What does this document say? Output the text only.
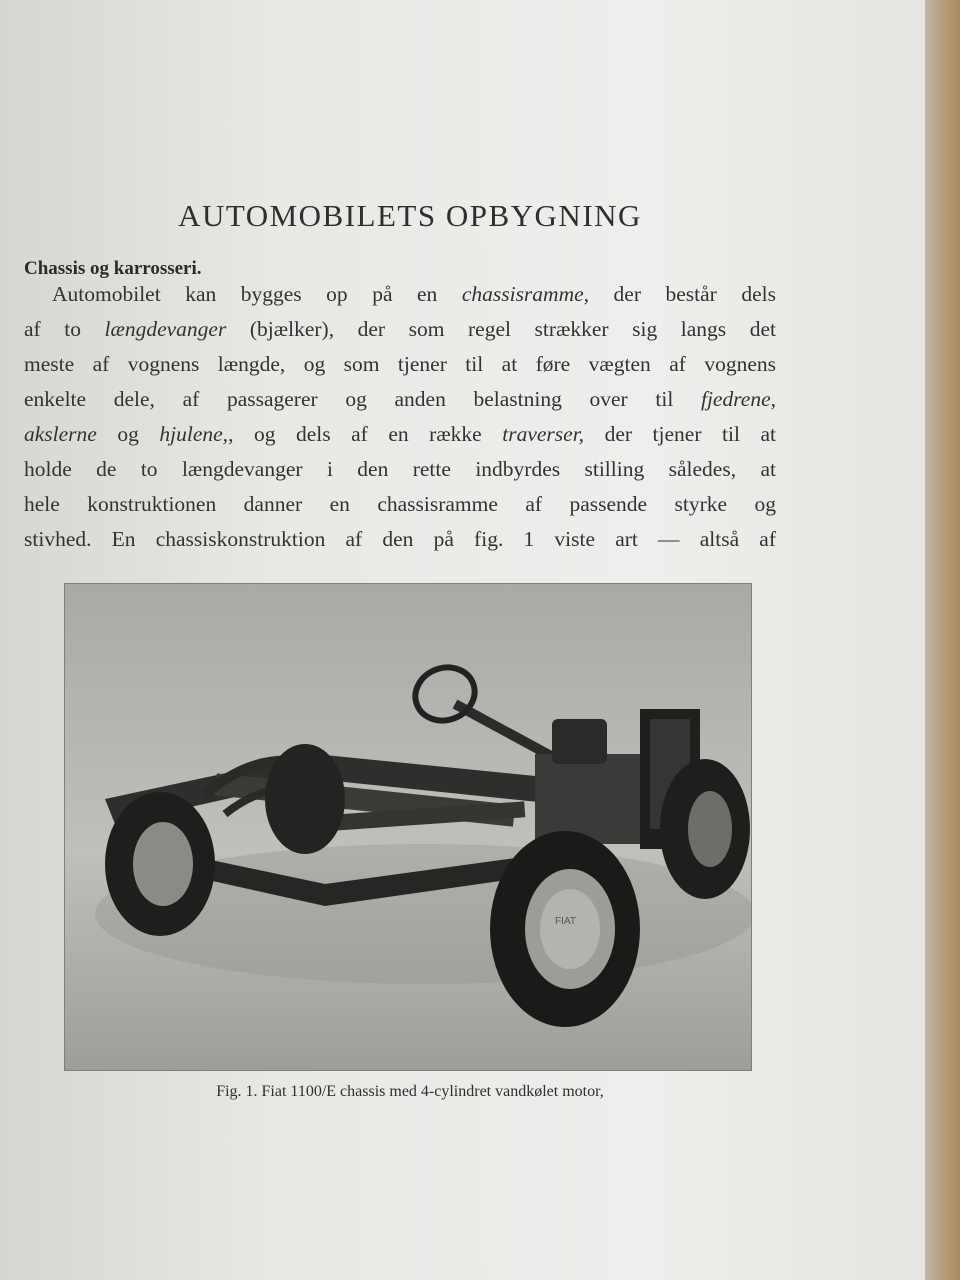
AUTOMOBILETS OPBYGNING
Chassis og karrosseri.
Automobilet kan bygges op på en chassisramme, der består dels
af to længdevanger (bjælker), der som regel strækker sig langs det
meste af vognens længde, og som tjener til at føre vægten af vognens
enkelte dele, af passagerer og anden belastning over til fjedrene,
akslerne og hjulene,, og dels af en række traverser, der tjener til at
holde de to længdevanger i den rette indbyrdes stilling således, at
hele konstruktionen danner en chassisramme af passende styrke og
stivhed. En chassiskonstruktion af den på fig. 1 viste art — altså af
FIAT
Fig. 1. Fiat 1100/E chassis med 4-cylindret vandkølet motor,
